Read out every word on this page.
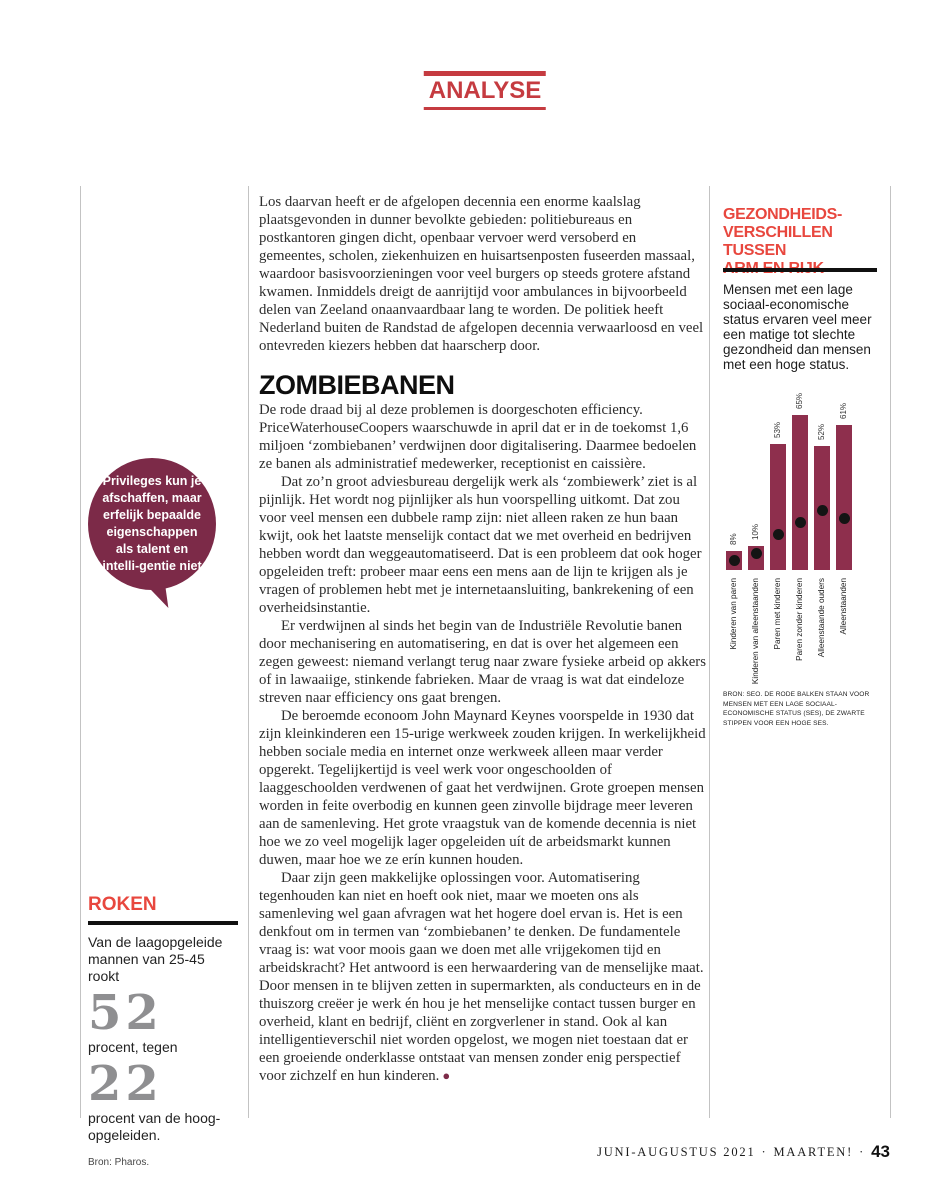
ANALYSE

Los daarvan heeft er de afgelopen decennia een enorme kaalslag plaatsgevonden in dunner bevolkte gebieden: politiebureaus en postkantoren gingen dicht, openbaar vervoer werd versoberd en gemeentes, scholen, ziekenhuizen en huisartsenposten fuseerden massaal, waardoor basisvoorzieningen voor veel burgers op steeds grotere afstand kwamen. Inmiddels dreigt de aanrijtijd voor ambulances in bijvoorbeeld delen van Zeeland onaanvaardbaar lang te worden. De politiek heeft Nederland buiten de Randstad de afgelopen decennia verwaarloosd en veel ontevreden kiezers hebben dat haarscherp door.

ZOMBIEBANEN

De rode draad bij al deze problemen is doorgeschoten efficiency. PriceWaterhouseCoopers waarschuwde in april dat er in de toekomst 1,6 miljoen ‘zombiebanen’ verdwijnen door digitalisering. Daarmee bedoelen ze banen als administratief medewerker, receptionist en caissière.

Dat zo’n groot adviesbureau dergelijk werk als ‘zombiewerk’ ziet is al pijnlijk. Het wordt nog pijnlijker als hun voorspelling uitkomt. Dat zou voor veel mensen een dubbele ramp zijn: niet alleen raken ze hun baan kwijt, ook het laatste menselijk contact dat we met overheid en bedrijven hebben wordt dan weggeautomatiseerd. Dat is een probleem dat ook hoger opgeleiden treft: probeer maar eens een mens aan de lijn te krijgen als je vragen of problemen hebt met je internetaansluiting, bankrekening of een overheidsinstantie.

Er verdwijnen al sinds het begin van de Industriële Revolutie banen door mechanisering en automatisering, en dat is over het algemeen een zegen geweest: niemand verlangt terug naar zware fysieke arbeid op akkers of in lawaaiige, stinkende fabrieken. Maar de vraag is wat dat eindeloze streven naar efficiency ons gaat brengen.

De beroemde econoom John Maynard Keynes voorspelde in 1930 dat zijn kleinkinderen een 15-urige werkweek zouden krijgen. In werkelijkheid hebben sociale media en internet onze werkweek alleen maar verder opgerekt. Tegelijkertijd is veel werk voor ongeschoolden of laaggeschoolden verdwenen of gaat het verdwijnen. Grote groepen mensen worden in feite overbodig en kunnen geen zinvolle bijdrage meer leveren aan de samenleving. Het grote vraagstuk van de komende decennia is niet hoe we zo veel mogelijk lager opgeleiden uít de arbeidsmarkt kunnen duwen, maar hoe we ze erín kunnen houden.

Daar zijn geen makkelijke oplossingen voor. Automatisering tegenhouden kan niet en hoeft ook niet, maar we moeten ons als samenleving wel gaan afvragen wat het hogere doel ervan is. Het is een denkfout om in termen van ‘zombiebanen’ te denken. De fundamentele vraag is: wat voor moois gaan we doen met alle vrijgekomen tijd en arbeidskracht? Het antwoord is een herwaardering van de menselijke maat. Door mensen in te blijven zetten in supermarkten, als conducteurs en in de thuiszorg creëer je werk én hou je het menselijke contact tussen burger en overheid, klant en bedrijf, cliënt en zorgverlener in stand. Ook al kan intelligentieverschil niet worden opgelost, we mogen niet toestaan dat er een groeiende onderklasse ontstaat van mensen zonder enig perspectief voor zichzelf en hun kinderen. ●

Privileges kun je afschaffen, maar erfelijk bepaalde eigenschappen als talent en intelli-gentie niet
GEZONDHEIDS-
VERSCHILLEN TUSSEN
Mensen met een lage sociaal-economische status ervaren veel meer een matige tot slechte gezondheid dan mensen met een hoge status.
8%
Kinderen van paren
10%
Kinderen van alleenstaanden
53%
Paren met kinderen
65%
Paren zonder kinderen
52%
Alleenstaande ouders
61%
Alleenstaanden
BRON: SEO. DE RODE BALKEN STAAN VOOR MENSEN MET EEN LAGE SOCIAAL-ECONOMISCHE STATUS (SES), DE ZWARTE STIPPEN VOOR EEN HOGE SES.
ROKEN
Van de laagopgeleide mannen van 25-45 rookt
52
procent, tegen
22
procent van de hoog-opgeleiden.
Bron: Pharos.
JUNI-AUGUSTUS 2021 · MAARTEN! · 43
